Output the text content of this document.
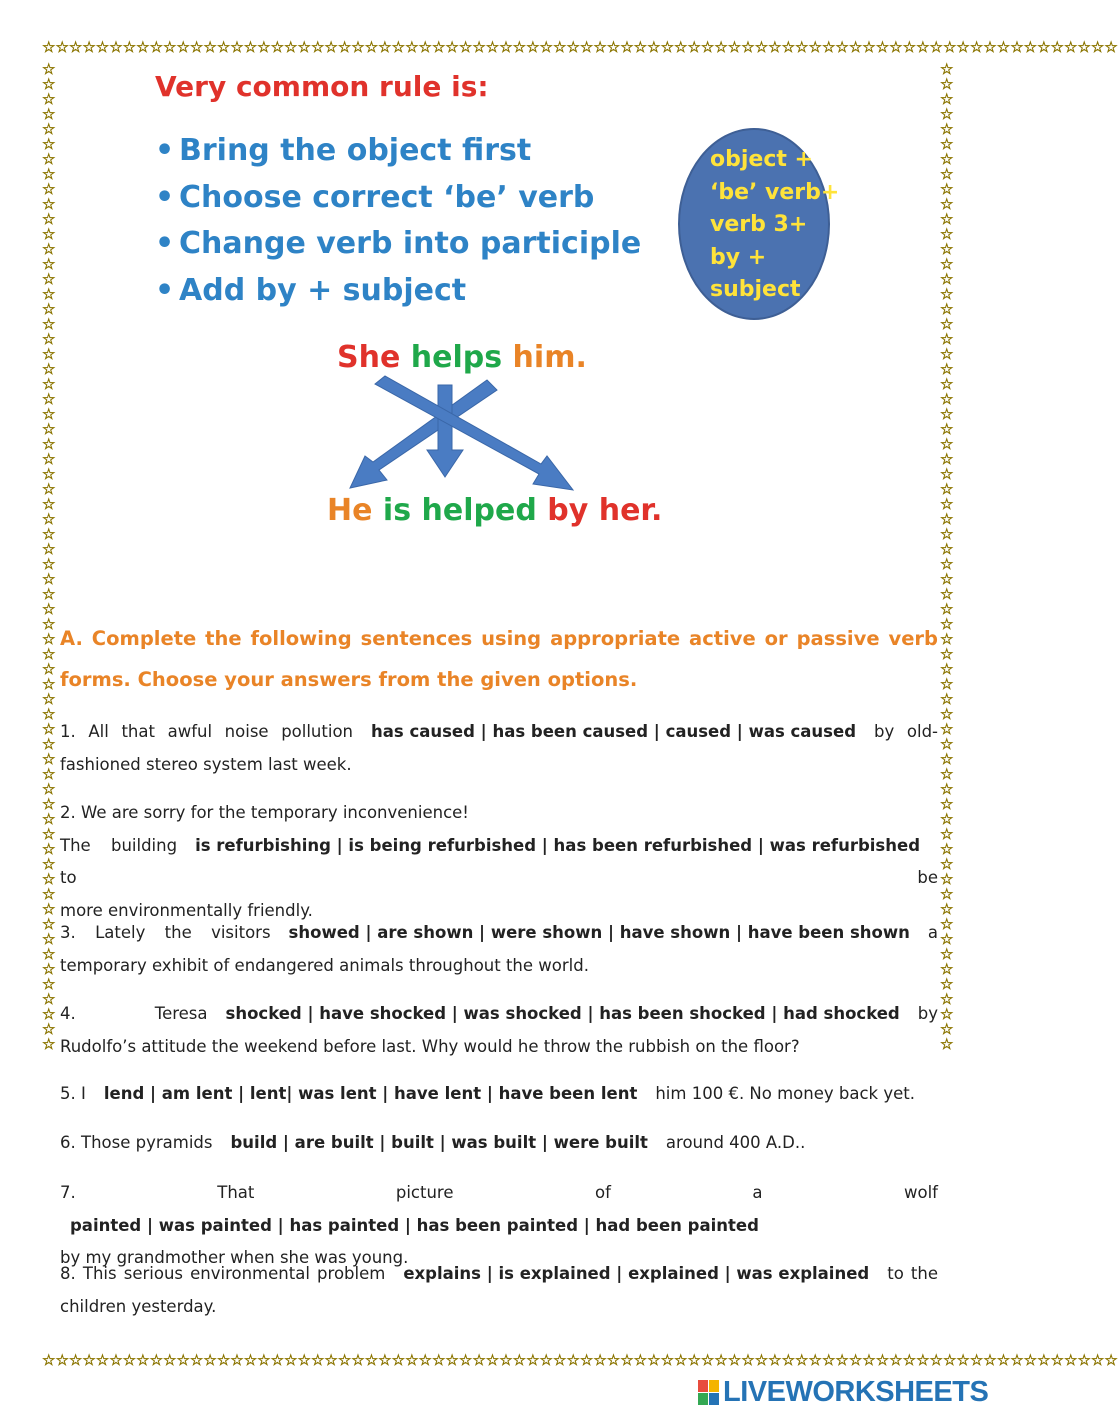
☆☆☆☆☆☆☆☆☆☆☆☆☆☆☆☆☆☆☆☆☆☆☆☆☆☆☆☆☆☆☆☆☆☆☆☆☆☆☆☆☆☆☆☆☆☆☆☆☆☆☆☆☆☆☆☆☆☆☆☆☆☆☆☆☆☆☆☆☆☆☆☆☆☆☆☆☆☆☆☆
☆☆☆☆☆☆☆☆☆☆☆☆☆☆☆☆☆☆☆☆☆☆☆☆☆☆☆☆☆☆☆☆☆☆☆☆☆☆☆☆☆☆☆☆☆☆☆☆☆☆☆☆☆☆☆☆☆☆☆☆☆☆☆☆☆☆☆☆☆☆☆☆☆☆☆☆☆☆☆☆
☆☆☆☆☆☆☆☆☆☆☆☆☆☆☆☆☆☆☆☆☆☆☆☆☆☆☆☆☆☆☆☆☆☆☆☆☆☆☆☆☆☆☆☆☆☆☆☆☆☆☆☆☆☆☆☆☆☆☆☆☆☆☆☆☆☆
☆☆☆☆☆☆☆☆☆☆☆☆☆☆☆☆☆☆☆☆☆☆☆☆☆☆☆☆☆☆☆☆☆☆☆☆☆☆☆☆☆☆☆☆☆☆☆☆☆☆☆☆☆☆☆☆☆☆☆☆☆☆☆☆☆☆
Very common rule is:
• Bring the object first
• Choose correct ‘be’ verb
• Change verb into participle
• Add by + subject
object +
‘be’ verb+
verb 3+
by +
subject
She helps him.
He is helped by her.

A. Complete the following sentences using appropriate active or passive verb forms. Choose your answers from the given options.

1. All that awful noise pollution has caused | has been caused | caused | was caused by old-
fashioned stereo system last week.
2. We are sorry for the temporary inconvenience!
The building is refurbishing | is being refurbished | has been refurbished | was refurbishedto be
more environmentally friendly.
3. Lately the visitors showed | are shown | were shown | have shown | have been shown a
temporary exhibit of endangered animals throughout the world.
4. Teresa shocked | have shocked | was shocked | has been shocked | had shocked by
Rudolfo’s attitude the weekend before last. Why would he throw the rubbish on the floor?
5. I lend | am lent | lent| was lent | have lent | have been lent him 100 €. No money back yet.
6. Those pyramids build | are built | built | was built | were built around 400 A.D..
7. That picture of a wolfpainted | was painted | has painted | has been painted | had been painted
by my grandmother when she was young.
8. This serious environmental problem explains | is explained | explained | was explained to the
children yesterday.
LIVEWORKSHEETS
